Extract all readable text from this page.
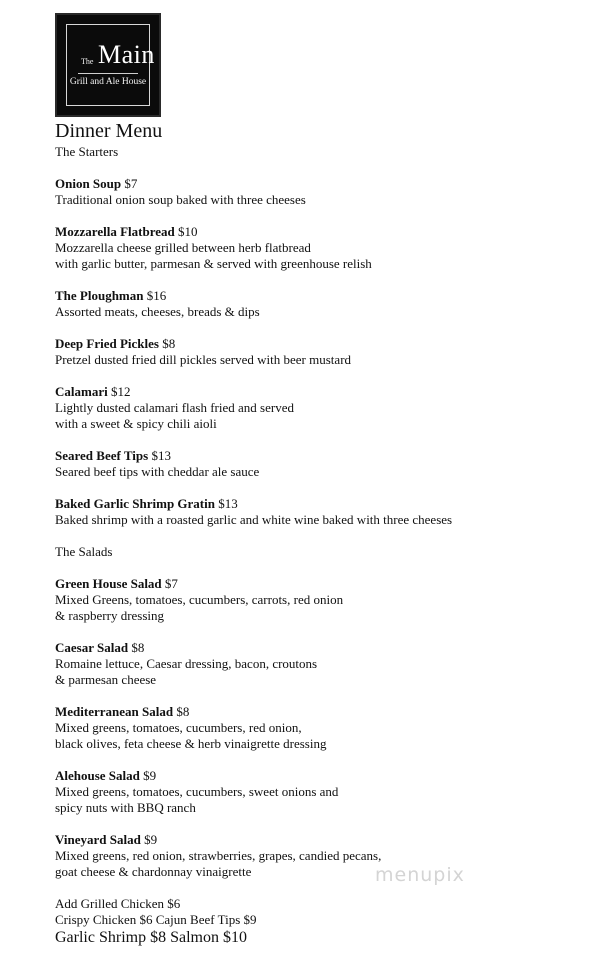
The Main
Grill and Ale House
Dinner Menu
The Starters
Onion Soup $7
Traditional onion soup baked with three cheeses
Mozzarella Flatbread $10
Mozzarella cheese grilled between herb flatbread
with garlic butter, parmesan & served with greenhouse relish
The Ploughman $16
Assorted meats, cheeses, breads & dips
Deep Fried Pickles $8
Pretzel dusted fried dill pickles served with beer mustard
Calamari $12
Lightly dusted calamari flash fried and served
with a sweet & spicy chili aioli
Seared Beef Tips $13
Seared beef tips with cheddar ale sauce
Baked Garlic Shrimp Gratin $13
Baked shrimp with a roasted garlic and white wine baked with three cheeses
The Salads
Green House Salad $7
Mixed Greens, tomatoes, cucumbers, carrots, red onion
& raspberry dressing
Caesar Salad $8
Romaine lettuce, Caesar dressing, bacon, croutons
& parmesan cheese
Mediterranean Salad $8
Mixed greens, tomatoes, cucumbers, red onion,
black olives, feta cheese & herb vinaigrette dressing
Alehouse Salad $9
Mixed greens, tomatoes, cucumbers, sweet onions and
spicy nuts with BBQ ranch
Vineyard Salad $9
Mixed greens, red onion, strawberries, grapes, candied pecans,
goat cheese & chardonnay vinaigrette
Add Grilled Chicken $6
Crispy Chicken $6 Cajun Beef Tips $9
Garlic Shrimp $8 Salmon $10
menupix
